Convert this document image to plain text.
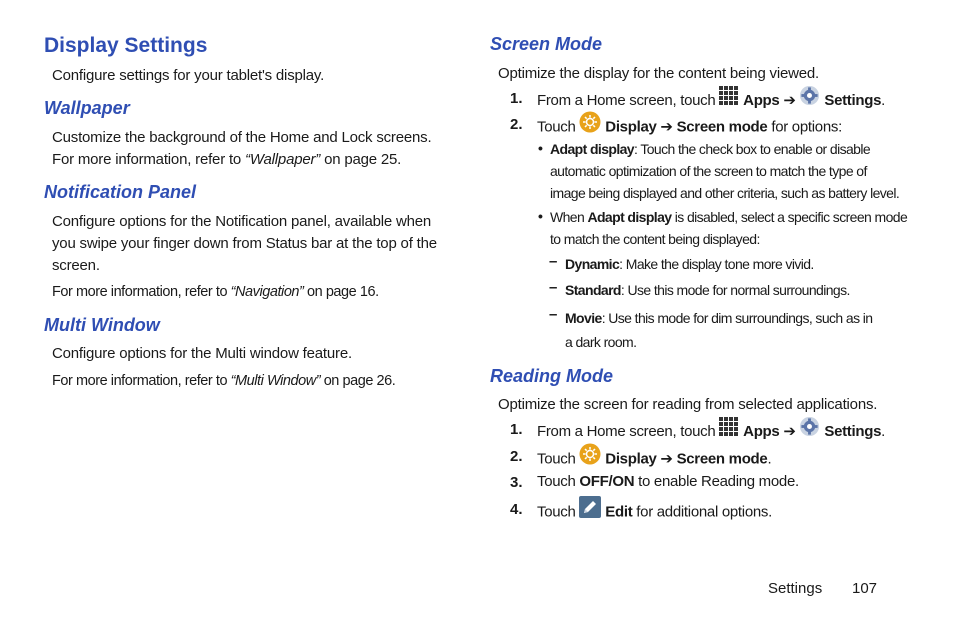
Display Settings
Configure settings for your tablet's display.
Wallpaper
Customize the background of the Home and Lock screens.
For more information, refer to “Wallpaper” on page 25.
Notification Panel
Configure options for the Notification panel, available when
you swipe your finger down from Status bar at the top of the
screen.
For more information, refer to “Navigation” on page 16.
Multi Window
Configure options for the Multi window feature.
For more information, refer to “Multi Window” on page 26.
Screen Mode
Optimize the display for the content being viewed.
1. From a Home screen, touch  Apps ➔  Settings.
2. Touch  Display ➔ Screen mode for options:
• Adapt display: Touch the check box to enable or disable
automatic optimization of the screen to match the type of
image being displayed and other criteria, such as battery level.
• When Adapt display is disabled, select a specific screen mode
to match the content being displayed:
– Dynamic: Make the display tone more vivid.
– Standard: Use this mode for normal surroundings.
– Movie: Use this mode for dim surroundings, such as in
a dark room.
Reading Mode
Optimize the screen for reading from selected applications.
1. From a Home screen, touch  Apps ➔  Settings.
2. Touch  Display ➔ Screen mode.
3. Touch OFF/ON to enable Reading mode.
4. Touch  Edit for additional options.
Settings 107
